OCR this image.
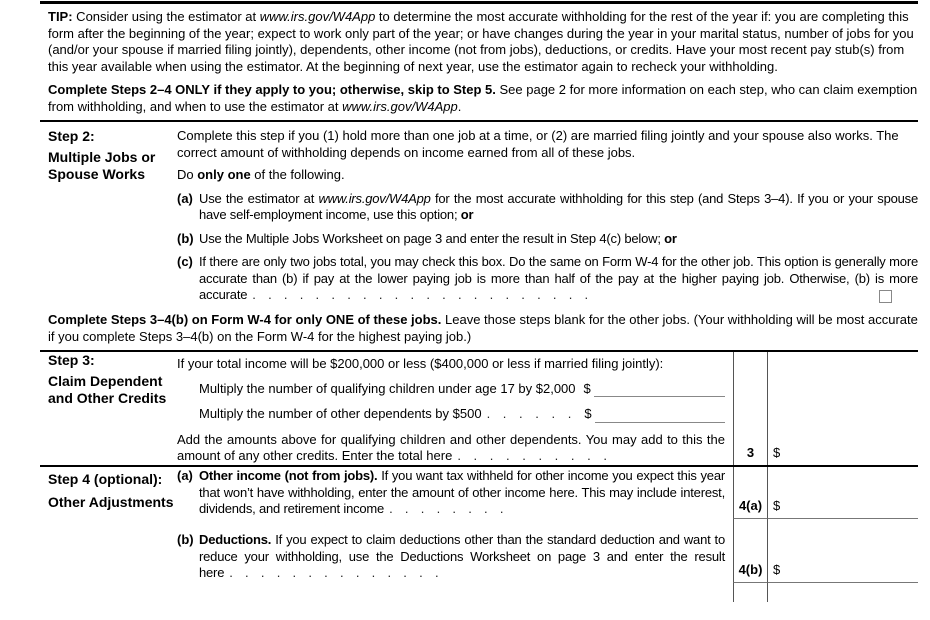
TIP: Consider using the estimator at www.irs.gov/W4App to determine the most accurate withholding for the rest of the year if: you are completing this form after the beginning of the year; expect to work only part of the year; or have changes during the year in your marital status, number of jobs for you (and/or your spouse if married filing jointly), dependents, other income (not from jobs), deductions, or credits. Have your most recent pay stub(s) from this year available when using the estimator. At the beginning of next year, use the estimator again to recheck your withholding.

Complete Steps 2–4 ONLY if they apply to you; otherwise, skip to Step 5. See page 2 for more information on each step, who can claim exemption from withholding, and when to use the estimator at www.irs.gov/W4App.

Step 2:
Multiple Jobs or Spouse Works

Complete this step if you (1) hold more than one job at a time, or (2) are married filing jointly and your spouse also works. The correct amount of withholding depends on income earned from all of these jobs.

Do only one of the following.

(a) Use the estimator at www.irs.gov/W4App for the most accurate withholding for this step (and Steps 3–4). If you or your spouse have self-employment income, use this option; or

(b) Use the Multiple Jobs Worksheet on page 3 and enter the result in Step 4(c) below; or

(c) If there are only two jobs total, you may check this box. Do the same on Form W-4 for the other job. This option is generally more accurate than (b) if pay at the lower paying job is more than half of the pay at the higher paying job. Otherwise, (b) is more accurate . . . . . . . . . . . . . . . . . . . . . .

Complete Steps 3–4(b) on Form W-4 for only ONE of these jobs. Leave those steps blank for the other jobs. (Your withholding will be most accurate if you complete Steps 3–4(b) on the Form W-4 for the highest paying job.)

Step 3:
Claim Dependent and Other Credits

If your total income will be $200,000 or less ($400,000 or less if married filing jointly):

Multiply the number of qualifying children under age 17 by $2,000 $
Multiply the number of other dependents by $500 . . . . . .	$

Add the amounts above for qualifying children and other dependents. You may add to this the amount of any other credits. Enter the total here . . . . . . . . . .	3 $
Step 4 (optional):
Other Adjustments
(a) Other income (not from jobs). If you want tax withheld for other income you expect this year that won’t have withholding, enter the amount of other income here. This may include interest, dividends, and retirement income . . . . . . . .	4(a) $
(b) Deductions. If you expect to claim deductions other than the standard deduction and want to reduce your withholding, use the Deductions Worksheet on page 3 and enter the result here . . . . . . . . . . . . . .	4(b) $
